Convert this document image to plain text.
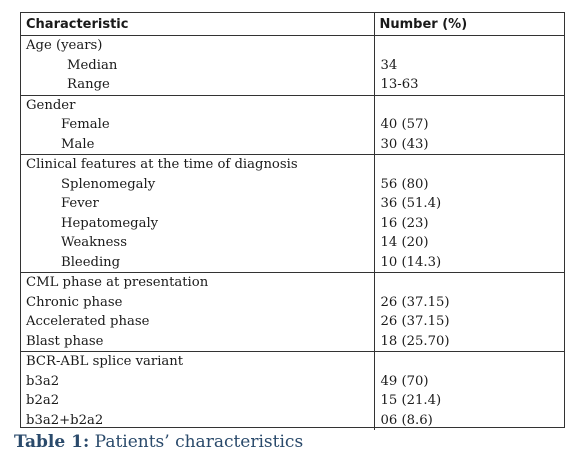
Characteristic	Number (%)
Age (years)	
Median	34
Range	13-63
Gender	
Female	40 (57)
Male	30 (43)
Clinical features at the time of diagnosis	
Splenomegaly	56 (80)
Fever	36 (51.4)
Hepatomegaly	16 (23)
Weakness	14 (20)
Bleeding	10 (14.3)
CML phase at presentation	
Chronic phase	26 (37.15)
Accelerated phase	26 (37.15)
Blast phase	18 (25.70)
BCR-ABL splice variant	
b3a2	49 (70)
b2a2	15 (21.4)
b3a2+b2a2	06 (8.6)
Table 1: Patients’ characteristics
